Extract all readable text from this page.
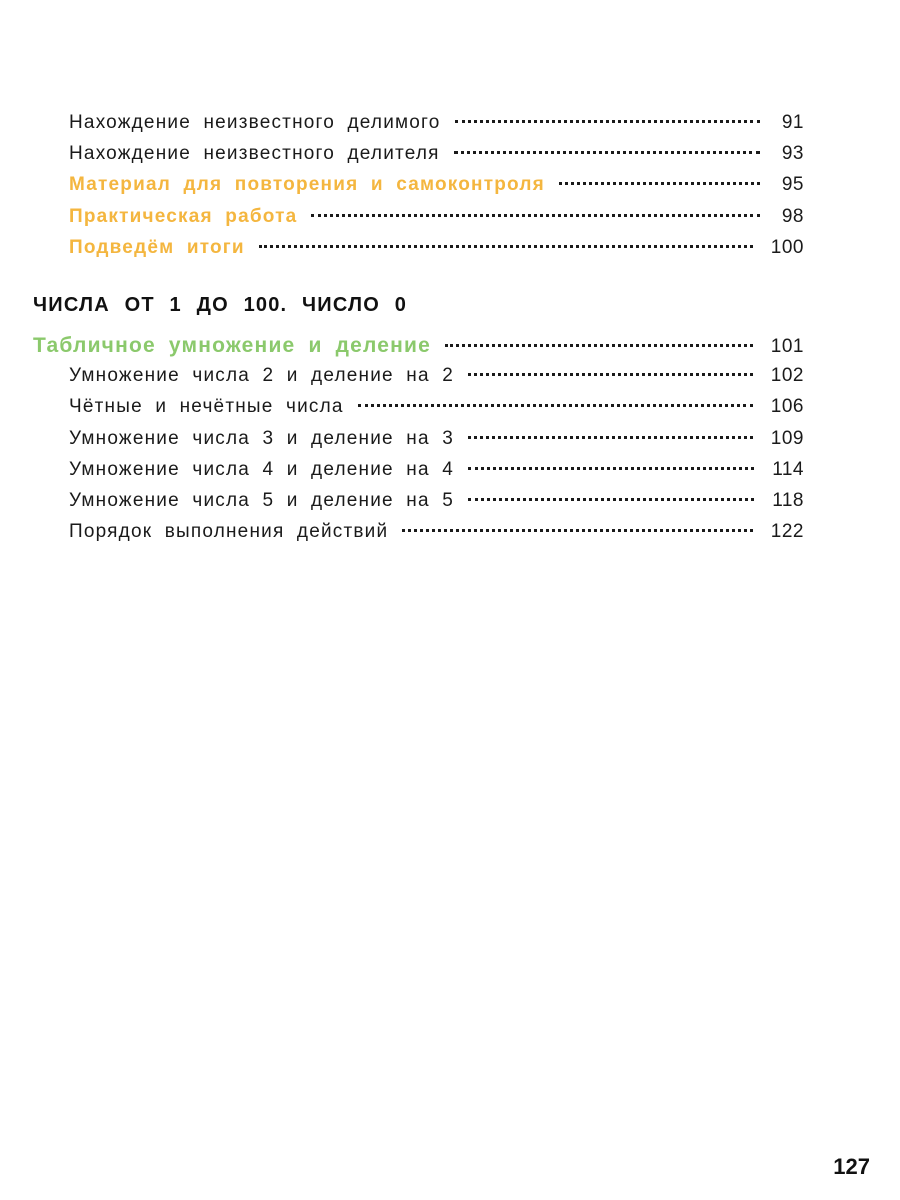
Нахождение неизвестного делимого	91
Нахождение неизвестного делителя	93
Материал для повторения и самоконтроля	95
Практическая работа	98
Подведём итоги	100
ЧИСЛА ОТ 1 ДО 100. ЧИСЛО 0
Табличное умножение и деление	101
Умножение числа 2 и деление на 2	102
Чётные и нечётные числа	106
Умножение числа 3 и деление на 3	109
Умножение числа 4 и деление на 4	114
Умножение числа 5 и деление на 5	118
Порядок выполнения действий	122
127
